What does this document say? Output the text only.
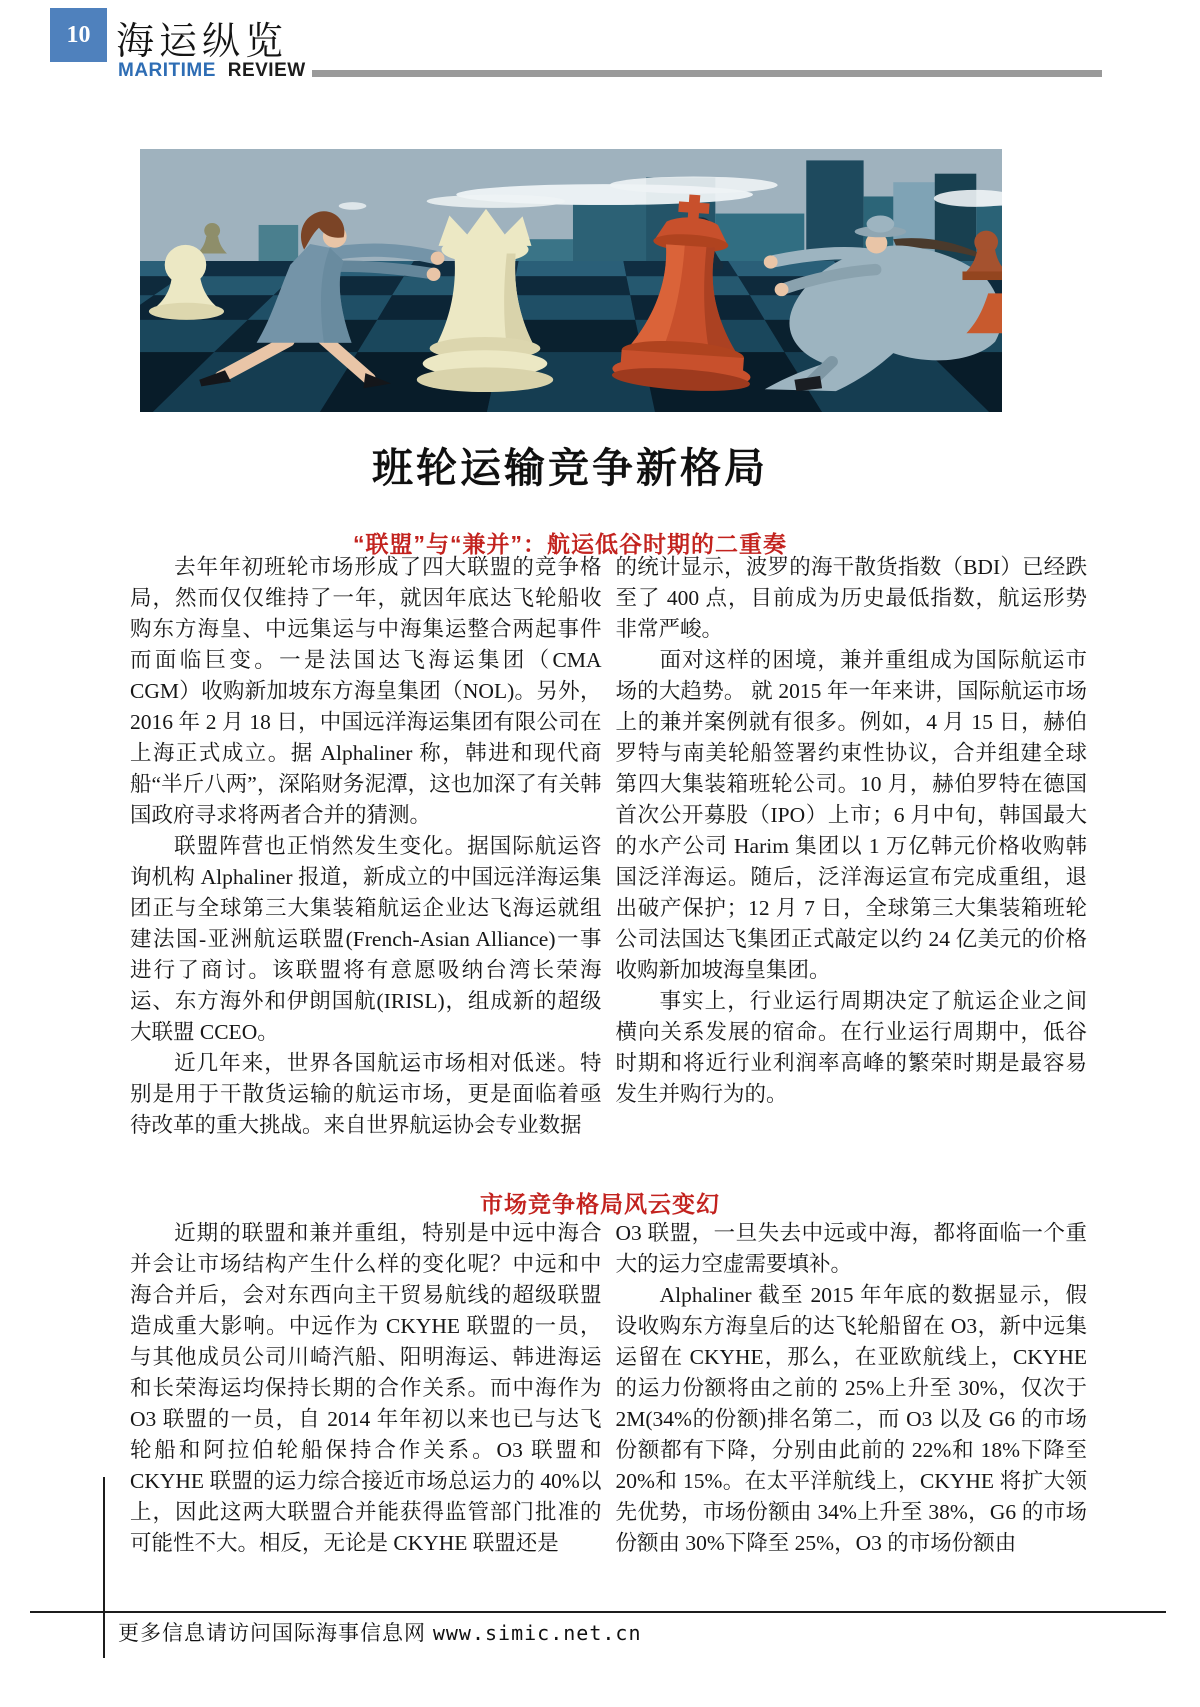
10 海运纵览
MARITIME REVIEW
班轮运输竞争新格局
“联盟”与“兼并”：航运低谷时期的二重奏

去年年初班轮市场形成了四大联盟的竞争格局，然而仅仅维持了一年，就因年底达飞轮船收购东方海皇、中远集运与中海集运整合两起事件而面临巨变。一是法国达飞海运集团（CMA CGM）收购新加坡东方海皇集团（NOL)。另外，2016 年 2 月 18 日，中国远洋海运集团有限公司在上海正式成立。据 Alphaliner 称，韩进和现代商船“半斤八两”，深陷财务泥潭，这也加深了有关韩国政府寻求将两者合并的猜测。

联盟阵营也正悄然发生变化。据国际航运咨询机构 Alphaliner 报道，新成立的中国远洋海运集团正与全球第三大集装箱航运企业达飞海运就组建法国-亚洲航运联盟(French-Asian Alliance)一事进行了商讨。该联盟将有意愿吸纳台湾长荣海运、东方海外和伊朗国航(IRISL)，组成新的超级大联盟 CCEO。

近几年来，世界各国航运市场相对低迷。特别是用于干散货运输的航运市场，更是面临着亟待改革的重大挑战。来自世界航运协会专业数据

的统计显示，波罗的海干散货指数（BDI）已经跌至了 400 点，目前成为历史最低指数，航运形势非常严峻。

面对这样的困境，兼并重组成为国际航运市场的大趋势。 就 2015 年一年来讲，国际航运市场上的兼并案例就有很多。例如，4 月 15 日，赫伯罗特与南美轮船签署约束性协议，合并组建全球第四大集装箱班轮公司。10 月，赫伯罗特在德国首次公开募股（IPO）上市；6 月中旬，韩国最大的水产公司 Harim 集团以 1 万亿韩元价格收购韩国泛洋海运。随后，泛洋海运宣布完成重组，退出破产保护；12 月 7 日，全球第三大集装箱班轮公司法国达飞集团正式敲定以约 24 亿美元的价格收购新加坡海皇集团。

事实上，行业运行周期决定了航运企业之间横向关系发展的宿命。在行业运行周期中，低谷时期和将近行业利润率高峰的繁荣时期是最容易发生并购行为的。

市场竞争格局风云变幻

近期的联盟和兼并重组，特别是中远中海合并会让市场结构产生什么样的变化呢？中远和中海合并后，会对东西向主干贸易航线的超级联盟造成重大影响。中远作为 CKYHE 联盟的一员，与其他成员公司川崎汽船、阳明海运、韩进海运和长荣海运均保持长期的合作关系。而中海作为 O3 联盟的一员，自 2014 年年初以来也已与达飞轮船和阿拉伯轮船保持合作关系。O3 联盟和 CKYHE 联盟的运力综合接近市场总运力的 40%以上，因此这两大联盟合并能获得监管部门批准的可能性不大。相反，无论是 CKYHE 联盟还是

O3 联盟，一旦失去中远或中海，都将面临一个重大的运力空虚需要填补。

Alphaliner 截至 2015 年年底的数据显示，假设收购东方海皇后的达飞轮船留在 O3，新中远集运留在 CKYHE，那么，在亚欧航线上，CKYHE 的运力份额将由之前的 25%上升至 30%，仅次于 2M(34%的份额)排名第二，而 O3 以及 G6 的市场份额都有下降，分别由此前的 22%和 18%下降至 20%和 15%。在太平洋航线上，CKYHE 将扩大领先优势，市场份额由 34%上升至 38%，G6 的市场份额由 30%下降至 25%，O3 的市场份额由

更多信息请访问国际海事信息网 www.simic.net.cn
